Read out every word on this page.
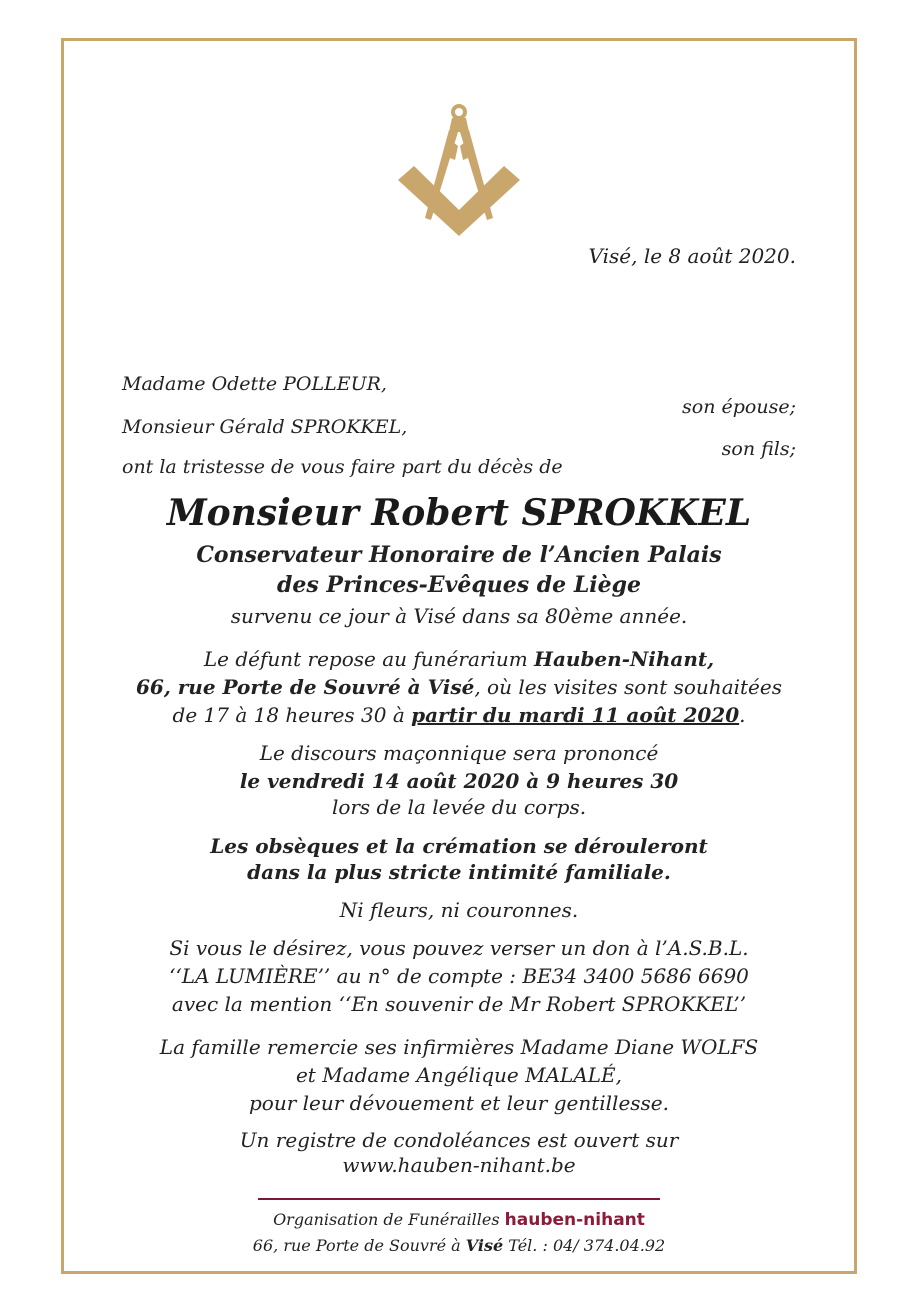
Visé, le 8 août 2020.
Madame Odette POLLEUR,
son épouse;
Monsieur Gérald SPROKKEL,
son fils;
ont la tristesse de vous faire part du décès de
Monsieur Robert SPROKKEL
Conservateur Honoraire de l’Ancien Palais
des Princes-Evêques de Liège
survenu ce jour à Visé dans sa 80ème année.
Le défunt repose au funérarium Hauben-Nihant,
66, rue Porte de Souvré à Visé, où les visites sont souhaitées
de 17 à 18 heures 30 à partir du mardi 11 août 2020.
Le discours maçonnique sera prononcé
le vendredi 14 août 2020 à 9 heures 30
lors de la levée du corps.
Les obsèques et la crémation se dérouleront
dans la plus stricte intimité familiale.
Ni fleurs, ni couronnes.
Si vous le désirez, vous pouvez verser un don à l’A.S.B.L.
‘‘LA LUMIÈRE’’ au n° de compte : BE34 3400 5686 6690
avec la mention ‘‘En souvenir de Mr Robert SPROKKEL’’
La famille remercie ses infirmières Madame Diane WOLFS
et Madame Angélique MALALÉ,
pour leur dévouement et leur gentillesse.
Un registre de condoléances est ouvert sur
www.hauben-nihant.be
Organisation de Funérailles hauben-nihant
66, rue Porte de Souvré à Visé Tél. : 04/ 374.04.92
